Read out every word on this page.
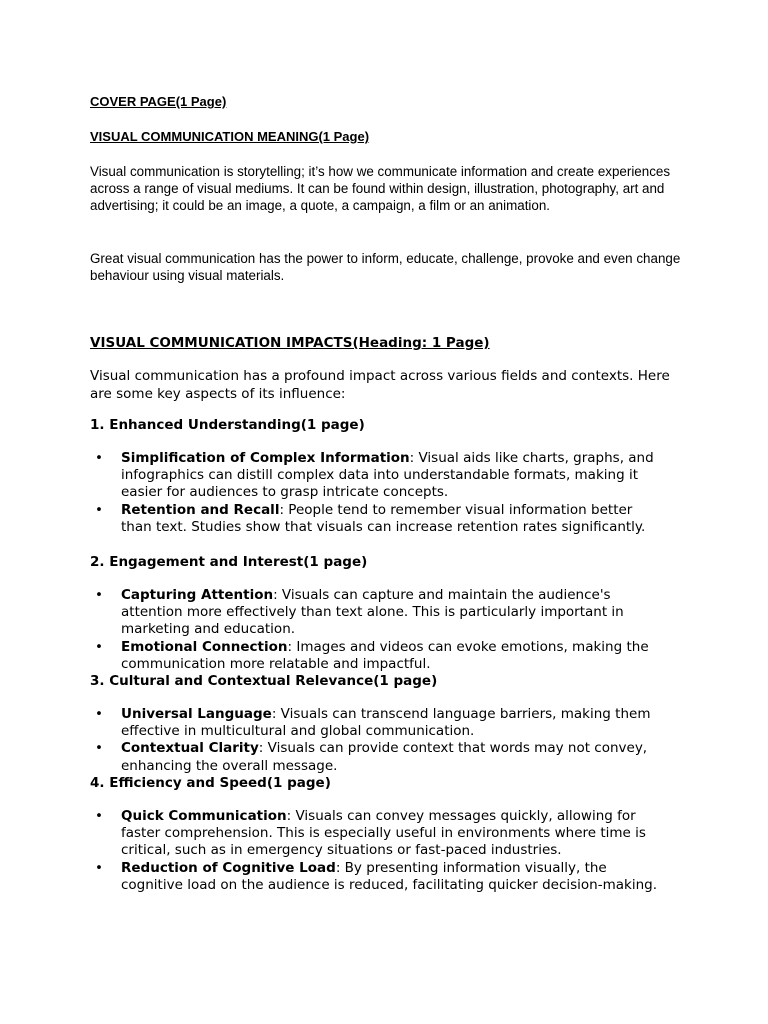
COVER PAGE(1 Page)

VISUAL COMMUNICATION MEANING(1 Page)

Visual communication is storytelling; it’s how we communicate information and create experiences across a range of visual mediums. It can be found within design, illustration, photography, art and advertising; it could be an image, a quote, a campaign, a film or an animation.

Great visual communication has the power to inform, educate, challenge, provoke and even change behaviour using visual materials.

VISUAL COMMUNICATION IMPACTS(Heading: 1 Page)

Visual communication has a profound impact across various fields and contexts. Here are some key aspects of its influence:

1. Enhanced Understanding(1 page)

• Simplification of Complex Information: Visual aids like charts, graphs, and infographics can distill complex data into understandable formats, making it easier for audiences to grasp intricate concepts.
• Retention and Recall: People tend to remember visual information better than text. Studies show that visuals can increase retention rates significantly.

2. Engagement and Interest(1 page)

• Capturing Attention: Visuals can capture and maintain the audience's attention more effectively than text alone. This is particularly important in marketing and education.
• Emotional Connection: Images and videos can evoke emotions, making the communication more relatable and impactful.

3. Cultural and Contextual Relevance(1 page)

• Universal Language: Visuals can transcend language barriers, making them effective in multicultural and global communication.
• Contextual Clarity: Visuals can provide context that words may not convey, enhancing the overall message.

4. Efficiency and Speed(1 page)

• Quick Communication: Visuals can convey messages quickly, allowing for faster comprehension. This is especially useful in environments where time is critical, such as in emergency situations or fast-paced industries.
• Reduction of Cognitive Load: By presenting information visually, the cognitive load on the audience is reduced, facilitating quicker decision-making.
